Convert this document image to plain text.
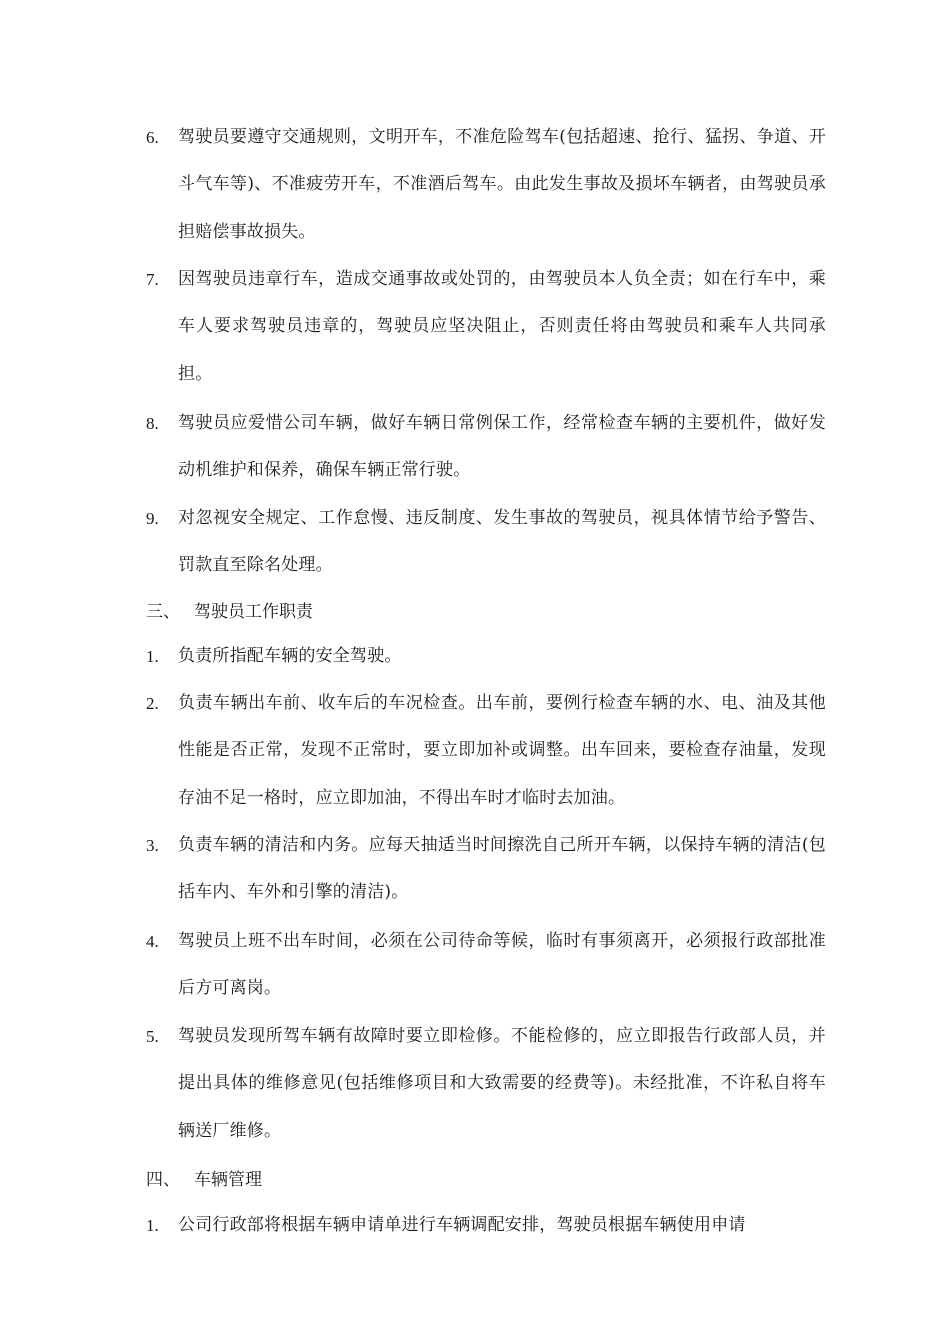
6. 驾驶员要遵守交通规则，文明开车，不准危险驾车(包括超速、抢行、猛拐、争道、开斗气车等)、不准疲劳开车，不准酒后驾车。由此发生事故及损坏车辆者，由驾驶员承担赔偿事故损失。
7. 因驾驶员违章行车，造成交通事故或处罚的，由驾驶员本人负全责；如在行车中，乘车人要求驾驶员违章的，驾驶员应坚决阻止，否则责任将由驾驶员和乘车人共同承担。
8. 驾驶员应爱惜公司车辆，做好车辆日常例保工作，经常检查车辆的主要机件，做好发动机维护和保养，确保车辆正常行驶。
9. 对忽视安全规定、工作怠慢、违反制度、发生事故的驾驶员，视具体情节给予警告、罚款直至除名处理。
三、 驾驶员工作职责
1. 负责所指配车辆的安全驾驶。
2. 负责车辆出车前、收车后的车况检查。出车前，要例行检查车辆的水、电、油及其他性能是否正常，发现不正常时，要立即加补或调整。出车回来，要检查存油量，发现存油不足一格时，应立即加油，不得出车时才临时去加油。
3. 负责车辆的清洁和内务。应每天抽适当时间擦洗自己所开车辆，以保持车辆的清洁(包括车内、车外和引擎的清洁)。
4. 驾驶员上班不出车时间，必须在公司待命等候，临时有事须离开，必须报行政部批准后方可离岗。
5. 驾驶员发现所驾车辆有故障时要立即检修。不能检修的，应立即报告行政部人员，并提出具体的维修意见(包括维修项目和大致需要的经费等)。未经批准，不许私自将车辆送厂维修。
四、 车辆管理
1. 公司行政部将根据车辆申请单进行车辆调配安排，驾驶员根据车辆使用申请
